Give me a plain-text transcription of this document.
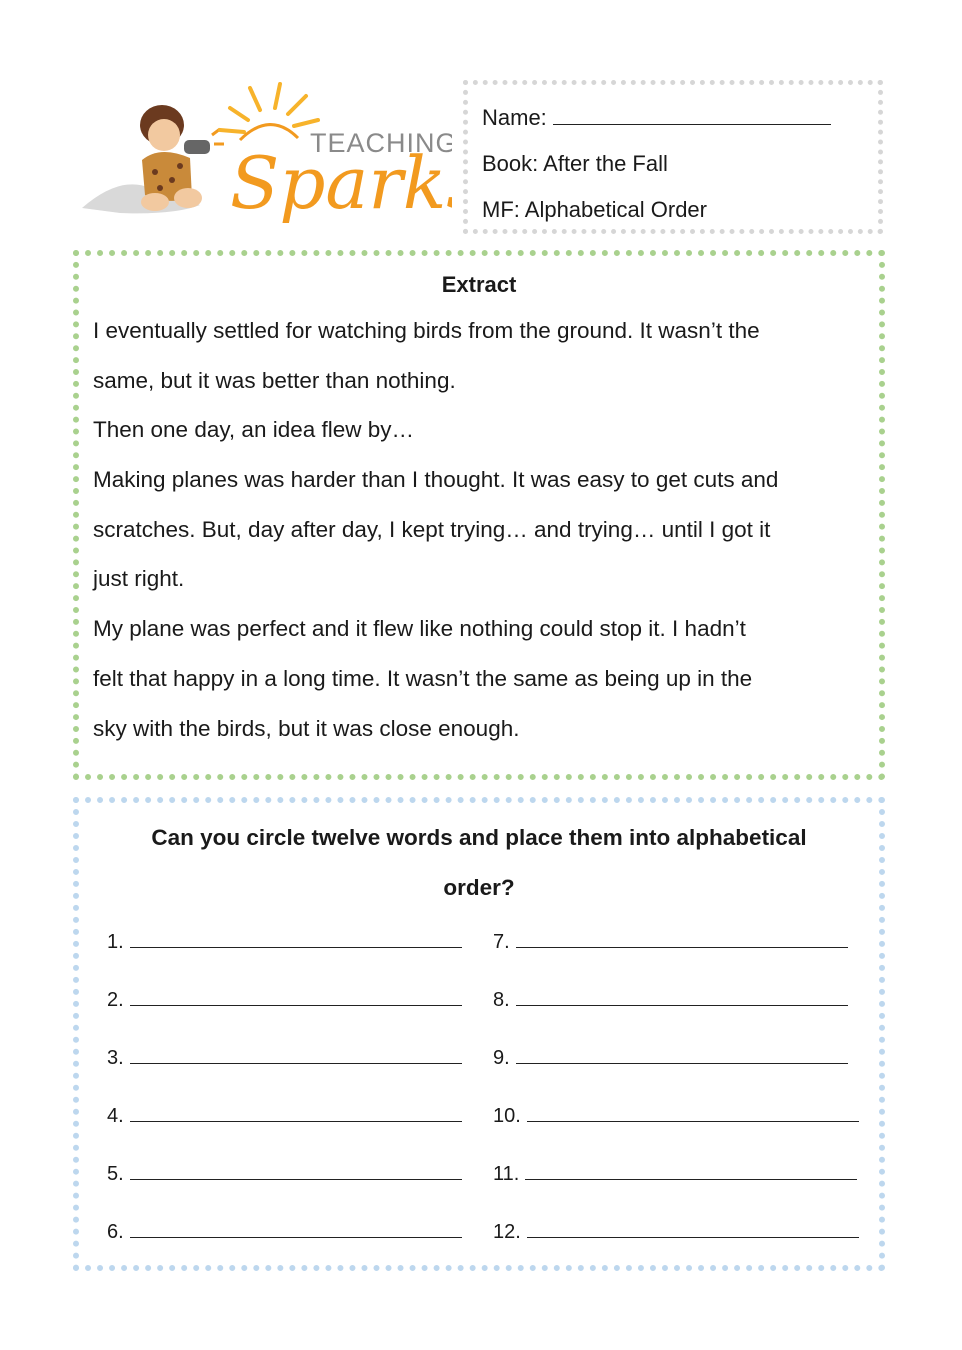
TEACHING
Spark
Name:
Book: After the Fall
MF: Alphabetical Order
Extract
I eventually settled for watching birds from the ground. It wasn’t the
same, but it was better than nothing.
Then one day, an idea flew by…
Making planes was harder than I thought. It was easy to get cuts and
scratches. But, day after day, I kept trying… and trying… until I got it
just right.
My plane was perfect and it flew like nothing could stop it. I hadn’t
felt that happy in a long time. It wasn’t the same as being up in the
sky with the birds, but it was close enough.
Can you circle twelve words and place them into alphabetical order?
1.
2.
3.
4.
5.
6.
7.
8.
9.
10.
11.
12.
